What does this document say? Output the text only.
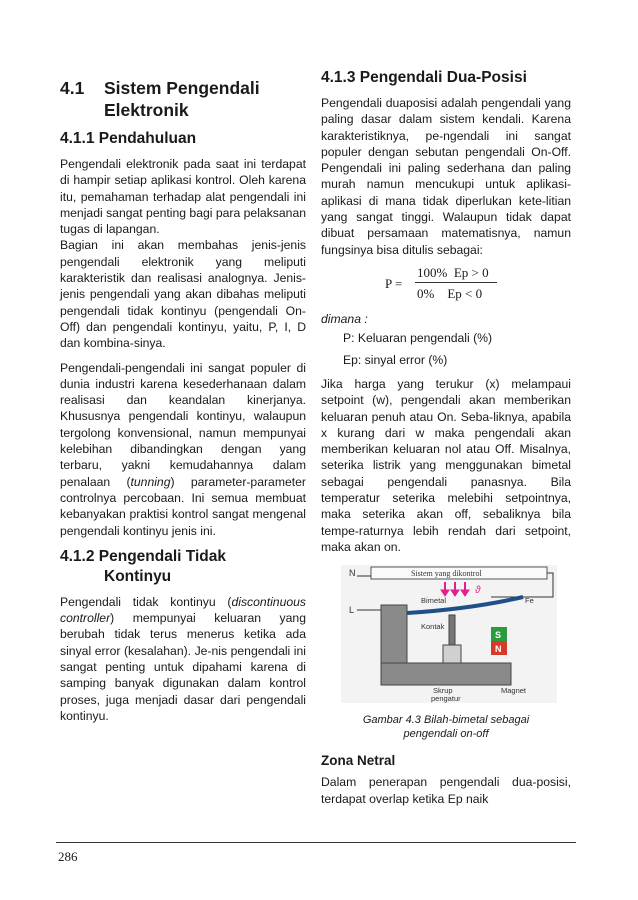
4.1	Sistem Pengendali
Elektronik
4.1.1 Pendahuluan

Pengendali elektronik pada saat ini terdapat di hampir setiap aplikasi kontrol. Oleh karena itu, pemahaman terhadap alat pengendali ini menjadi sangat penting bagi para pelaksanan tugas di lapangan.

Bagian ini akan membahas jenis-jenis pengendali elektronik yang meliputi karakteristik dan realisasi analognya. Jenis-jenis pengendali yang akan dibahas meliputi pengendali tidak kontinyu (pengendali On-Off) dan pengendali kontinyu, yaitu, P, I, D dan kombina-sinya.

Pengendali-pengendali ini sangat populer di dunia industri karena kesederhanaan dalam realisasi dan keandalan kinerjanya. Khususnya pengendali kontinyu, walaupun tergolong konvensional, namun mempunyai kelebihan dibandingkan dengan yang terbaru, yakni kemudahannya dalam penalaan (tunning) parameter-parameter controlnya percobaan. Ini semua membuat kebanyakan praktisi kontrol sangat mengenal pengendali kontinyu jenis ini.

4.1.2 Pengendali Tidak
Kontinyu

Pengendali tidak kontinyu (discontinuous controller) mempunyai keluaran yang berubah tidak terus menerus ketika ada sinyal error (kesalahan). Je-nis pengendali ini sangat penting untuk dipahami karena di samping banyak digunakan dalam kontrol proses, juga menjadi dasar dari pengendali kontinyu.

4.1.3 Pengendali Dua-Posisi

Pengendali duaposisi adalah pengendali yang paling dasar dalam sistem kendali. Karena karakteristiknya, pe-ngendali ini sangat populer dengan sebutan pengendali On-Off. Pengendali ini paling sederhana dan paling murah namun mencukupi untuk aplikasi-aplikasi di mana tidak diperlukan kete-litian yang sangat tinggi. Walaupun tidak dapat dibuat persamaan matematisnya, namun fungsinya bisa ditulis sebagai:

P =
100%  Ep > 0
0%    Ep < 0
dimana :
P: Keluaran pengendali (%)
Ep: sinyal error (%)

Jika harga yang terukur (x) melampaui setpoint (w), pengendali akan memberikan keluaran penuh atau On. Seba-liknya, apabila x kurang dari w maka pengendali akan memberikan keluaran nol atau Off. Misalnya, seterika listrik yang menggunakan bimetal sebagai pengendali panasnya. Bila temperatur seterika melebihi setpointnya, maka seterika akan off, sebaliknya bila tempe-raturnya lebih rendah dari setpoint, maka akan on.

Sistem yang dikontrol
N
ϑ
L
Bimetal	Fe
Kontak
Skrup
pengatur
S
N
Magnet
Gambar 4.3 Bilah-bimetal sebagai
pengendali on-off
Zona Netral

Dalam penerapan pengendali dua-posisi, terdapat overlap ketika Ep naik

286
